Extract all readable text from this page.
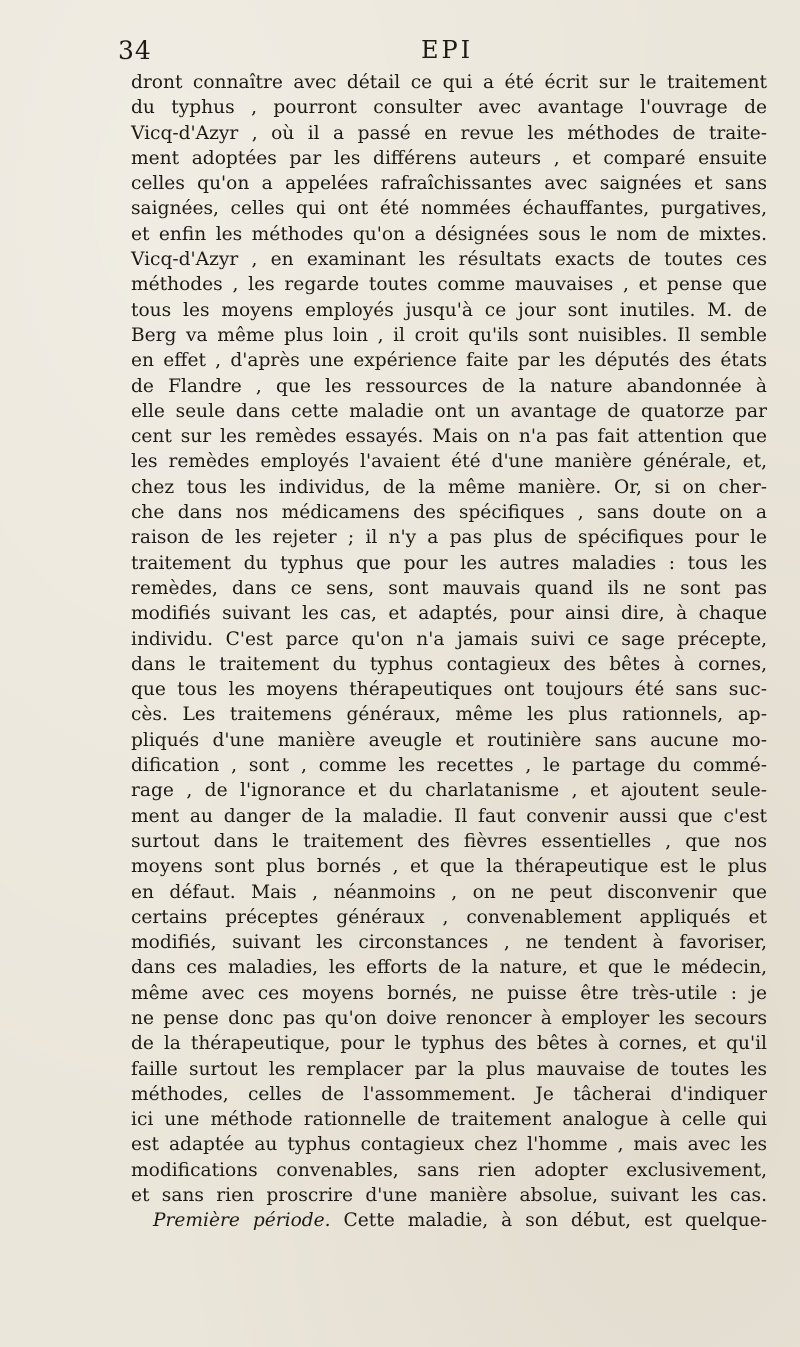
34	EPI
dront connaître avec détail ce qui a été écrit sur le traitement
du typhus , pourront consulter avec avantage l'ouvrage de
Vicq-d'Azyr , où il a passé en revue les méthodes de traite-
ment adoptées par les différens auteurs , et comparé ensuite
celles qu'on a appelées rafraîchissantes avec saignées et sans
saignées, celles qui ont été nommées échauffantes, purgatives,
et enfin les méthodes qu'on a désignées sous le nom de mixtes.
Vicq-d'Azyr , en examinant les résultats exacts de toutes ces
méthodes , les regarde toutes comme mauvaises , et pense que
tous les moyens employés jusqu'à ce jour sont inutiles. M. de
Berg va même plus loin , il croit qu'ils sont nuisibles. Il semble
en effet , d'après une expérience faite par les députés des états
de Flandre , que les ressources de la nature abandonnée à
elle seule dans cette maladie ont un avantage de quatorze par
cent sur les remèdes essayés. Mais on n'a pas fait attention que
les remèdes employés l'avaient été d'une manière générale, et,
chez tous les individus, de la même manière. Or, si on cher-
che dans nos médicamens des spécifiques , sans doute on a
raison de les rejeter ; il n'y a pas plus de spécifiques pour le
traitement du typhus que pour les autres maladies : tous les
remèdes, dans ce sens, sont mauvais quand ils ne sont pas
modifiés suivant les cas, et adaptés, pour ainsi dire, à chaque
individu. C'est parce qu'on n'a jamais suivi ce sage précepte,
dans le traitement du typhus contagieux des bêtes à cornes,
que tous les moyens thérapeutiques ont toujours été sans suc-
cès. Les traitemens généraux, même les plus rationnels, ap-
pliqués d'une manière aveugle et routinière sans aucune mo-
dification , sont , comme les recettes , le partage du commé-
rage , de l'ignorance et du charlatanisme , et ajoutent seule-
ment au danger de la maladie. Il faut convenir aussi que c'est
surtout dans le traitement des fièvres essentielles , que nos
moyens sont plus bornés , et que la thérapeutique est le plus
en défaut. Mais , néanmoins , on ne peut disconvenir que
certains préceptes généraux , convenablement appliqués et
modifiés, suivant les circonstances , ne tendent à favoriser,
dans ces maladies, les efforts de la nature, et que le médecin,
même avec ces moyens bornés, ne puisse être très-utile : je
ne pense donc pas qu'on doive renoncer à employer les secours
de la thérapeutique, pour le typhus des bêtes à cornes, et qu'il
faille surtout les remplacer par la plus mauvaise de toutes les
méthodes, celles de l'assommement. Je tâcherai d'indiquer
ici une méthode rationnelle de traitement analogue à celle qui
est adaptée au typhus contagieux chez l'homme , mais avec les
modifications convenables, sans rien adopter exclusivement,
et sans rien proscrire d'une manière absolue, suivant les cas.
Première période. Cette maladie, à son début, est quelque-
